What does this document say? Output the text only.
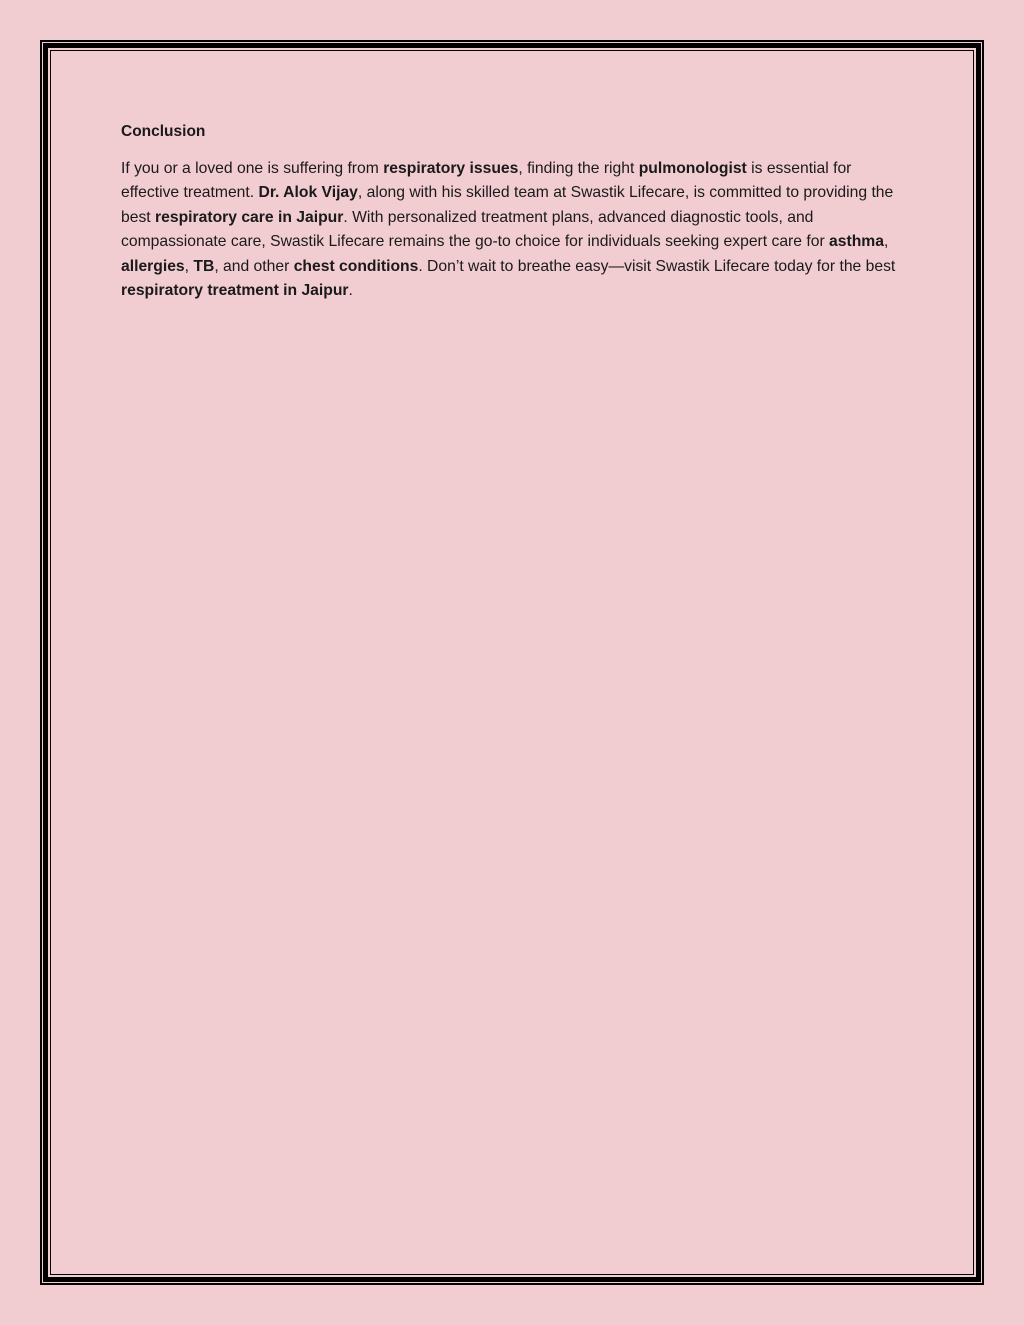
Conclusion

If you or a loved one is suffering from respiratory issues, finding the right pulmonologist is essential for effective treatment. Dr. Alok Vijay, along with his skilled team at Swastik Lifecare, is committed to providing the best respiratory care in Jaipur. With personalized treatment plans, advanced diagnostic tools, and compassionate care, Swastik Lifecare remains the go-to choice for individuals seeking expert care for asthma, allergies, TB, and other chest conditions. Don’t wait to breathe easy—visit Swastik Lifecare today for the best respiratory treatment in Jaipur.
